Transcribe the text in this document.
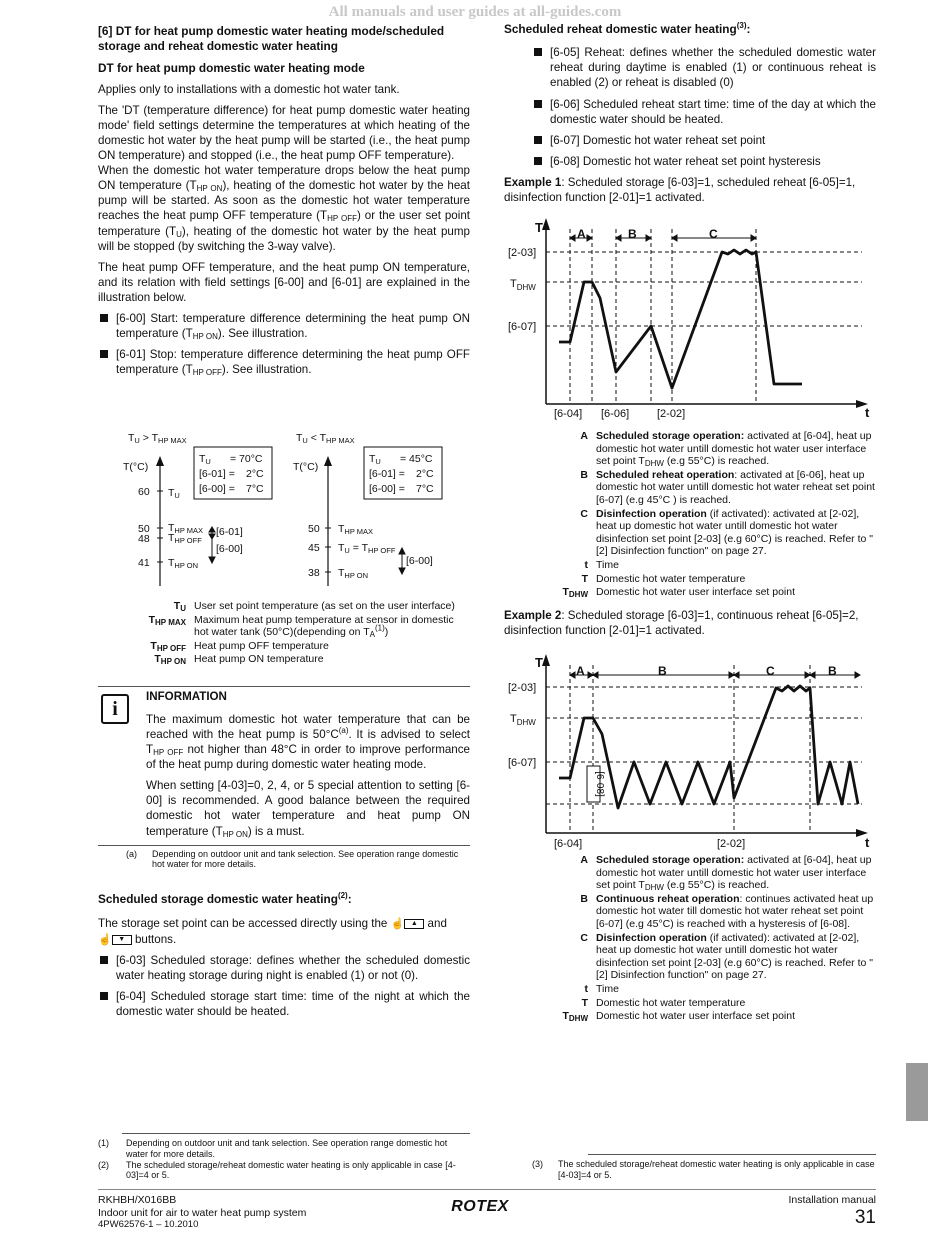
All manuals and user guides at all-guides.com
[6] DT for heat pump domestic water heating mode/scheduled storage and reheat domestic water heating
DT for heat pump domestic water heating mode

Applies only to installations with a domestic hot water tank.

The 'DT (temperature difference) for heat pump domestic water heating mode' field settings determine the temperatures at which heating of the domestic hot water by the heat pump will be started (i.e., the heat pump ON temperature) and stopped (i.e., the heat pump OFF temperature).

When the domestic hot water temperature drops below the heat pump ON temperature $(T_{HP ON})$, heating of the domestic hot water by the heat pump will be started. As soon as the domestic hot water temperature reaches the heat pump OFF temperature $(T_{HP OFF})$ or the user set point temperature $(T_U)$, heating of the domestic hot water by the heat pump will be stopped (by switching the 3-way valve).

The heat pump OFF temperature, and the heat pump ON temperature, and its relation with field settings [6-00] and [6-01] are explained in the illustration below.

[6-00] Start: temperature difference determining the heat pump ON temperature $(T_{HP ON})$. See illustration.
[6-01] Stop: temperature difference determining the heat pump OFF temperature $(T_{HP OFF})$. See illustration.
TU > THP MAX
T(°C)
60
50
48
41
TU
THP MAX
THP OFF
THP ON
[6-01]
[6-00]
TU = 70°C
[6-01] = 2°C
[6-00] = 7°C
TU < THP MAX
T(°C)
50
45
38
THP MAX
TU = THP OFF
THP ON
[6-00]
TU = 45°C
[6-01] = 2°C
[6-00] = 7°C
$T_U$ User set point temperature (as set on the user interface)
$T_{HP MAX}$ Maximum heat pump temperature at sensor in domestic hot water tank (50°C)(depending on $T_A^{(1)}$)
$T_{HP OFF}$ Heat pump OFF temperature
$T_{HP ON}$ Heat pump ON temperature
i
INFORMATION

The maximum domestic hot water temperature that can be reached with the heat pump is $50^\circ C^{(a)}$. It is advised to select $T_{HP OFF}$ not higher than 48°C in order to improve performance of the heat pump during domestic water heating mode.

When setting [4-03]=0, 2, 4, or 5 special attention to setting [6-00] is recommended. A good balance between the required domestic hot water temperature and heat pump ON temperature $(T_{HP ON})$ is a must.

(a)	Depending on outdoor unit and tank selection. See operation range domestic hot water for more details.
Scheduled storage domestic water heating$^{(2)}$:

The storage set point can be accessed directly using the ☝ ▲ and
☝ ▼ buttons.

[6-03] Scheduled storage: defines whether the scheduled domestic water heating storage during night is enabled (1) or not (0).
[6-04] Scheduled storage start time: time of the night at which the domestic water should be heated.
(1)	Depending on outdoor unit and tank selection. See operation range domestic hot water for more details.
(2)	The scheduled storage/reheat domestic water heating is only applicable in case [4-03]=4 or 5.
Scheduled reheat domestic water heating$^{(3)}$:
[6-05] Reheat: defines whether the scheduled domestic water reheat during daytime is enabled (1) or continuous reheat is enabled (2) or reheat is disabled (0)
[6-06] Scheduled reheat start time: time of the day at which the domestic water should be heated.
[6-07] Domestic hot water reheat set point
[6-08] Domestic hot water reheat set point hysteresis

Example 1: Scheduled storage [6-03]=1, scheduled reheat [6-05]=1, disinfection function [2-01]=1 activated.

T
t
[2-03]
$T_{DHW}$
[6-07]
[6-04] [6-06]	[2-02]
A	B	C
A Scheduled storage operation: activated at [6-04], heat up domestic hot water untill domestic hot water user interface set point $T_{DHW}$ (e.g 55°C) is reached.
B Scheduled reheat operation: activated at [6-06], heat up domestic hot water untill domestic hot water reheat set point [6-07] (e.g 45°C ) is reached.
C Disinfection operation (if activated): activated at [2-02], heat up domestic hot water untill domestic hot water disinfection set point [2-03] (e.g 60°C) is reached. Refer to "[2] Disinfection function" on page 27.
t Time
T Domestic hot water temperature
$T_{DHW}$ Domestic hot water user interface set point

Example 2: Scheduled storage [6-03]=1, continuous reheat [6-05]=2, disinfection function [2-01]=1 activated.

T
t
[2-03]
$T_{DHW}$
[6-07]
[6-04]	[2-02]
[6-08]
A	B	C	B
A Scheduled storage operation: activated at [6-04], heat up domestic hot water untill domestic hot water user interface set point $T_{DHW}$ (e.g 55°C) is reached.
B Continuous reheat operation: continues activated heat up domestic hot water till domestic hot water reheat set point [6-07] (e.g 45°C) is reached with a hysteresis of [6-08].
C Disinfection operation (if activated): activated at [2-02], heat up domestic hot water untill domestic hot water disinfection set point [2-03] (e.g 60°C) is reached. Refer to "[2] Disinfection function" on page 27.
t Time
T Domestic hot water temperature
$T_{DHW}$ Domestic hot water user interface set point
(3)	The scheduled storage/reheat domestic water heating is only applicable in case [4-03]=4 or 5.
RKHBH/X016BB
Indoor unit for air to water heat pump system
4PW62576-1 – 10.2010
ROTEX	Installation manual
31
